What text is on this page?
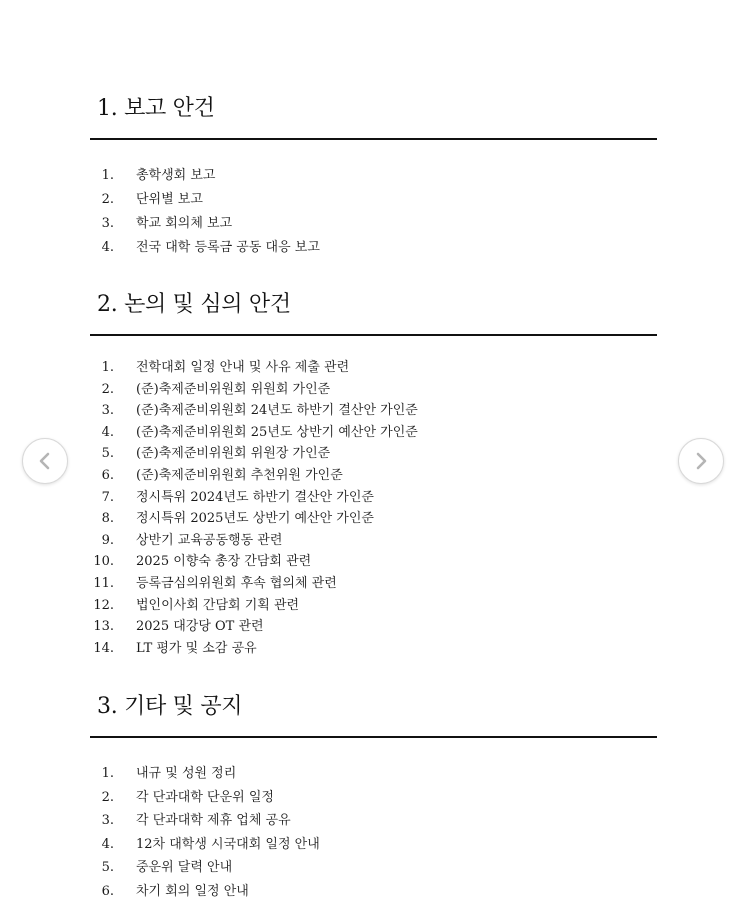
1. 보고 안건
1. 총학생회 보고
2. 단위별 보고
3. 학교 회의체 보고
4. 전국 대학 등록금 공동 대응 보고
2. 논의 및 심의 안건
1. 전학대회 일정 안내 및 사유 제출 관련
2. (준)축제준비위원회 위원회 가인준
3. (준)축제준비위원회 24년도 하반기 결산안 가인준
4. (준)축제준비위원회 25년도 상반기 예산안 가인준
5. (준)축제준비위원회 위원장 가인준
6. (준)축제준비위원회 추천위원 가인준
7. 정시특위 2024년도 하반기 결산안 가인준
8. 정시특위 2025년도 상반기 예산안 가인준
9. 상반기 교육공동행동 관련
10. 2025 이향숙 총장 간담회 관련
11. 등록금심의위원회 후속 협의체 관련
12. 법인이사회 간담회 기획 관련
13. 2025 대강당 OT 관련
14. LT 평가 및 소감 공유
3. 기타 및 공지
1. 내규 및 성원 정리
2. 각 단과대학 단운위 일정
3. 각 단과대학 제휴 업체 공유
4. 12차 대학생 시국대회 일정 안내
5. 중운위 달력 안내
6. 차기 회의 일정 안내
